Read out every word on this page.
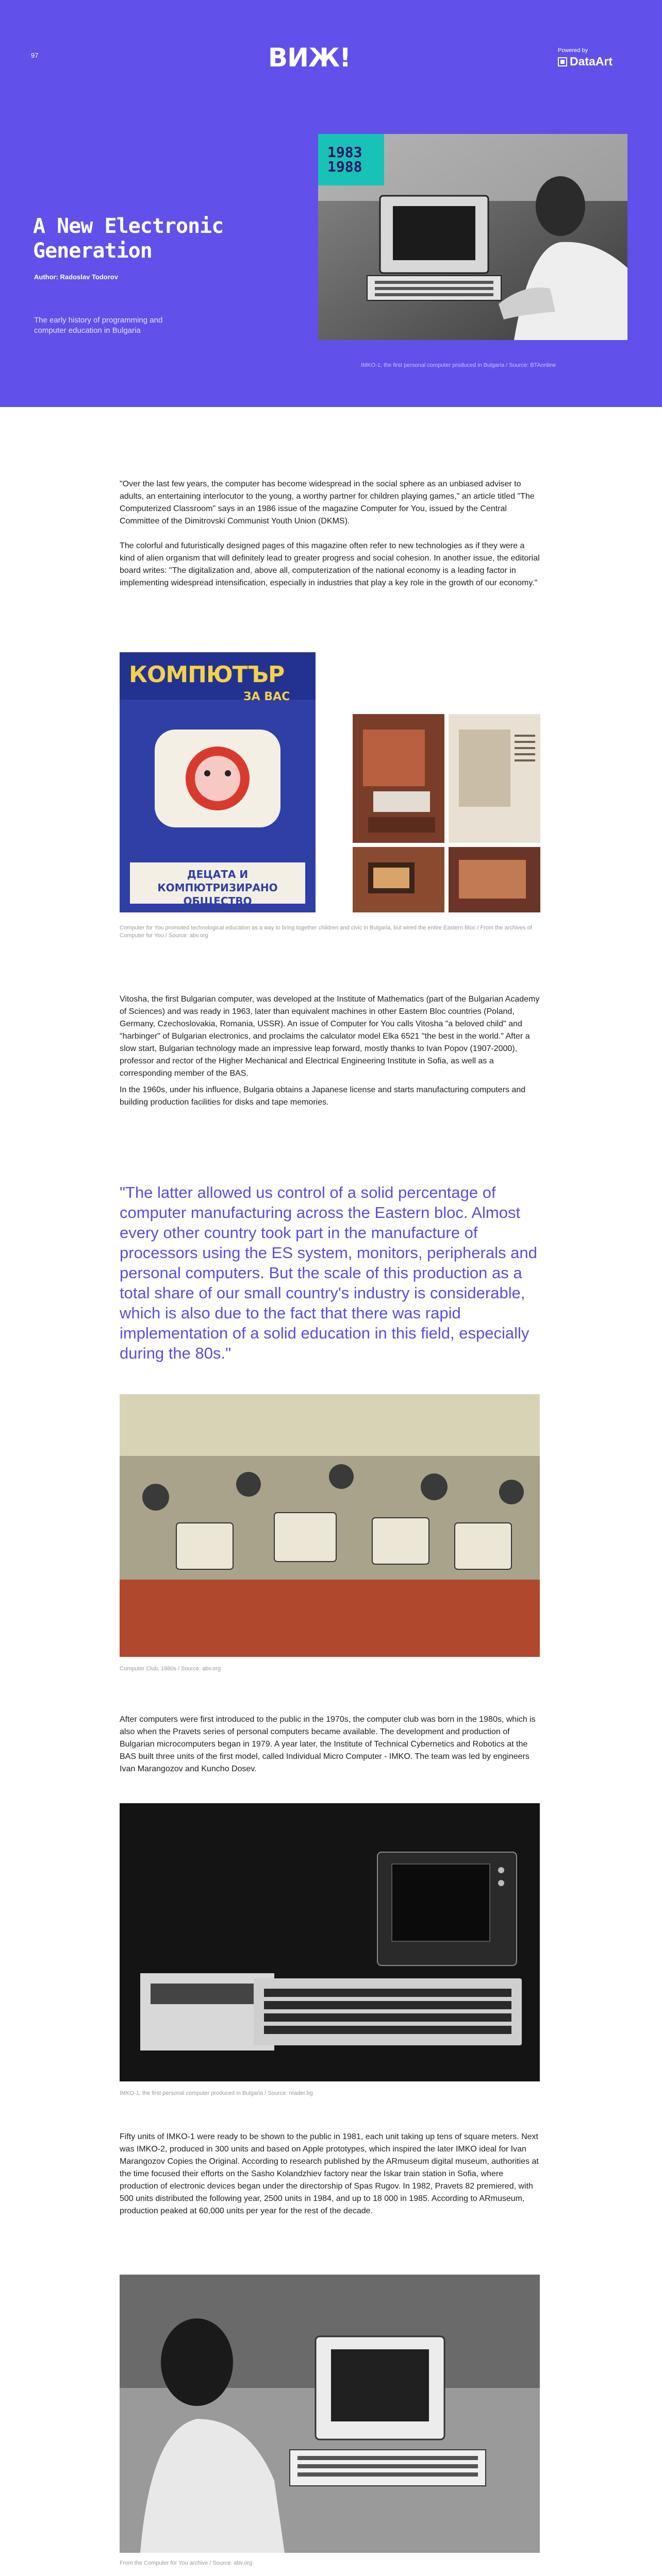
97	ВИЖ!	Powered by
DataArt
A New Electronic Generation
Author: Radoslav Todorov
The early history of programming and computer education in Bulgaria
1983 1988
IMKO-1, the first personal computer produced in Bulgaria / Source: BTAonline

"Over the last few years, the computer has become widespread in the social sphere as an unbiased adviser to adults, an entertaining interlocutor to the young, a worthy partner for children playing games," an article titled "The Computerized Classroom" says in an 1986 issue of the magazine Computer for You, issued by the Central Committee of the Dimitrovski Communist Youth Union (DKMS).

The colorful and futuristically designed pages of this magazine often refer to new technologies as if they were a kind of alien organism that will definitely lead to greater progress and social cohesion. In another issue, the editorial board writes: "The digitalization and, above all, computerization of the national economy is a leading factor in implementing widespread intensification, especially in industries that play a key role in the growth of our economy."

КОМПЮТЪР
ЗА ВАС
ДЕЦАТА И КОМПЮТРИЗИРАНО ОБЩЕСТВО
Computer for You promoted technological education as a way to bring together children and civic in Bulgaria, but wired the entire Eastern Bloc / From the archives of Computer for You / Source: abv.org

Vitosha, the first Bulgarian computer, was developed at the Institute of Mathematics (part of the Bulgarian Academy of Sciences) and was ready in 1963, later than equivalent machines in other Eastern Bloc countries (Poland, Germany, Czechoslovakia, Romania, USSR). An issue of Computer for You calls Vitosha "a beloved child" and "harbinger" of Bulgarian electronics, and proclaims the calculator model Elka 6521 "the best in the world." After a slow start, Bulgarian technology made an impressive leap forward, mostly thanks to Ivan Popov (1907-2000), professor and rector of the Higher Mechanical and Electrical Engineering Institute in Sofia, as well as a corresponding member of the BAS.

In the 1960s, under his influence, Bulgaria obtains a Japanese license and starts manufacturing computers and building production facilities for disks and tape memories.

"The latter allowed us control of a solid percentage of computer manufacturing across the Eastern bloc. Almost every other country took part in the manufacture of processors using the ES system, monitors, peripherals and personal computers. But the scale of this production as a total share of our small country's industry is considerable, which is also due to the fact that there was rapid implementation of a solid education in this field, especially during the 80s."
Computer Club, 1980s / Source: abv.org

After computers were first introduced to the public in the 1970s, the computer club was born in the 1980s, which is also when the Pravets series of personal computers became available. The development and production of Bulgarian microcomputers began in 1979. A year later, the Institute of Technical Cybernetics and Robotics at the BAS built three units of the first model, called Individual Micro Computer - IMKO. The team was led by engineers Ivan Marangozov and Kuncho Dosev.

IMKO-1, the first personal computer produced in Bulgaria / Source: reader.bg

Fifty units of IMKO-1 were ready to be shown to the public in 1981, each unit taking up tens of square meters. Next was IMKO-2, produced in 300 units and based on Apple prototypes, which inspired the later IMKO ideal for Ivan Marangozov Copies the Original. According to research published by the ARmuseum digital museum, authorities at the time focused their efforts on the Sasho Kolandzhiev factory near the Iskar train station in Sofia, where production of electronic devices began under the directorship of Spas Rugov. In 1982, Pravets 82 premiered, with 500 units distributed the following year, 2500 units in 1984, and up to 18 000 in 1985. According to ARmuseum, production peaked at 60,000 units per year for the rest of the decade.

From the Computer for You archive / Source: abv.org
